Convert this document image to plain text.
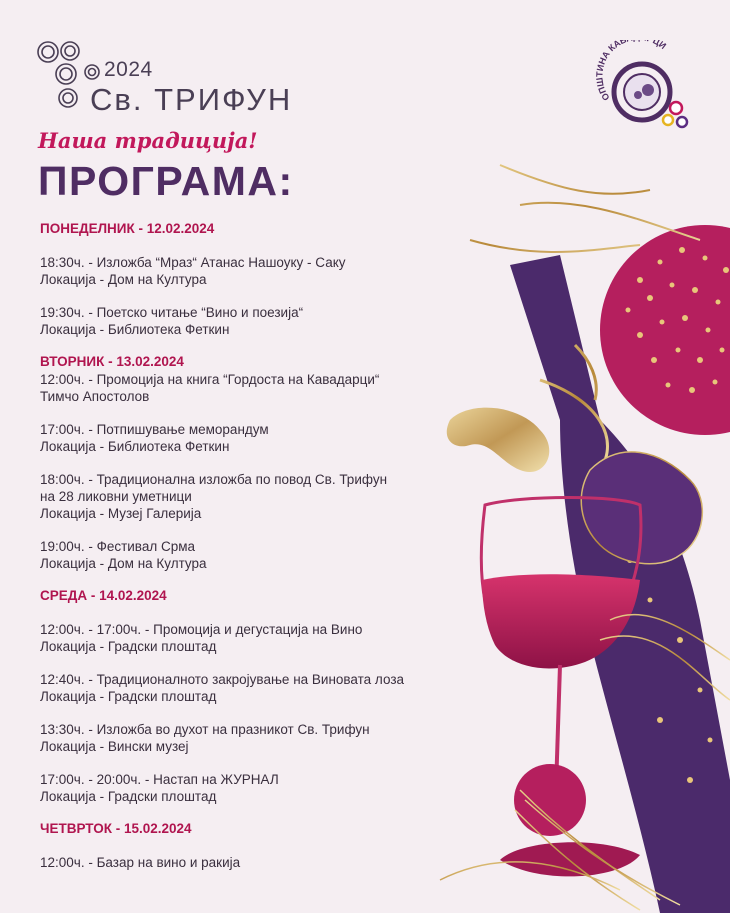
2024
Св. ТРИФУН
Наша традиција!
ОП НА КАВ ЦИ
ПРОГРАМА:
ПОНЕДЕЛНИК - 12.02.2024
18:30ч. - Изложба “Мраз“ Атанас Нашоуку - Саку
Локација - Дом на Култура
19:30ч. - Поетско читање “Вино и поезија“
Локација - Библиотека Феткин
ВТОРНИК - 13.02.2024
12:00ч. - Промоција на книга “Гордоста на Кавадарци“
Тимчо Апостолов
17:00ч. - Потпишување меморандум
Локација - Библиотека Феткин
18:00ч. - Традиционална изложба по повод Св. Трифун
на 28 ликовни уметници
Локација - Музеј Галерија
19:00ч. - Фестивал Срма
Локација - Дом на Култура
СРЕДА - 14.02.2024
12:00ч. - 17:00ч. - Промоција и дегустација на Вино
Локација - Градски плоштад
12:40ч. - Традиционалното закројување на Виновата лоза
Локација - Градски плоштад
13:30ч. - Изложба во духот на празникот Св. Трифун
Локација - Вински музеј
17:00ч. - 20:00ч. - Настап на ЖУРНАЛ
Локација - Градски плоштад
ЧЕТВРТОК - 15.02.2024
12:00ч. - Базар на вино и ракија
